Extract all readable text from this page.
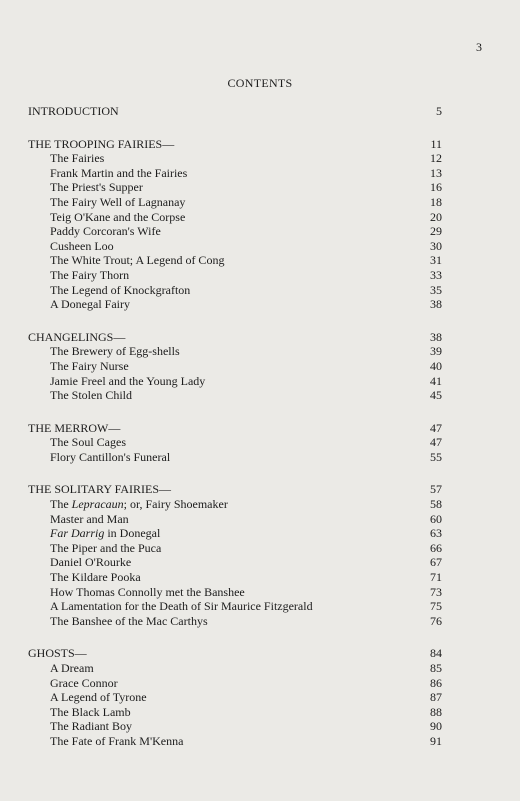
3
CONTENTS
INTRODUCTION	5
THE TROOPING FAIRIES—	11
The Fairies	12
Frank Martin and the Fairies	13
The Priest's Supper	16
The Fairy Well of Lagnanay	18
Teig O'Kane and the Corpse	20
Paddy Corcoran's Wife	29
Cusheen Loo	30
The White Trout; A Legend of Cong	31
The Fairy Thorn	33
The Legend of Knockgrafton	35
A Donegal Fairy	38
CHANGELINGS—	38
The Brewery of Egg-shells	39
The Fairy Nurse	40
Jamie Freel and the Young Lady	41
The Stolen Child	45
THE MERROW—	47
The Soul Cages	47
Flory Cantillon's Funeral	55
THE SOLITARY FAIRIES—	57
The Lepracaun; or, Fairy Shoemaker	58
Master and Man	60
Far Darrig in Donegal	63
The Piper and the Puca	66
Daniel O'Rourke	67
The Kildare Pooka	71
How Thomas Connolly met the Banshee	73
A Lamentation for the Death of Sir Maurice Fitzgerald	75
The Banshee of the Mac Carthys	76
GHOSTS—	84
A Dream	85
Grace Connor	86
A Legend of Tyrone	87
The Black Lamb	88
The Radiant Boy	90
The Fate of Frank M'Kenna	91
